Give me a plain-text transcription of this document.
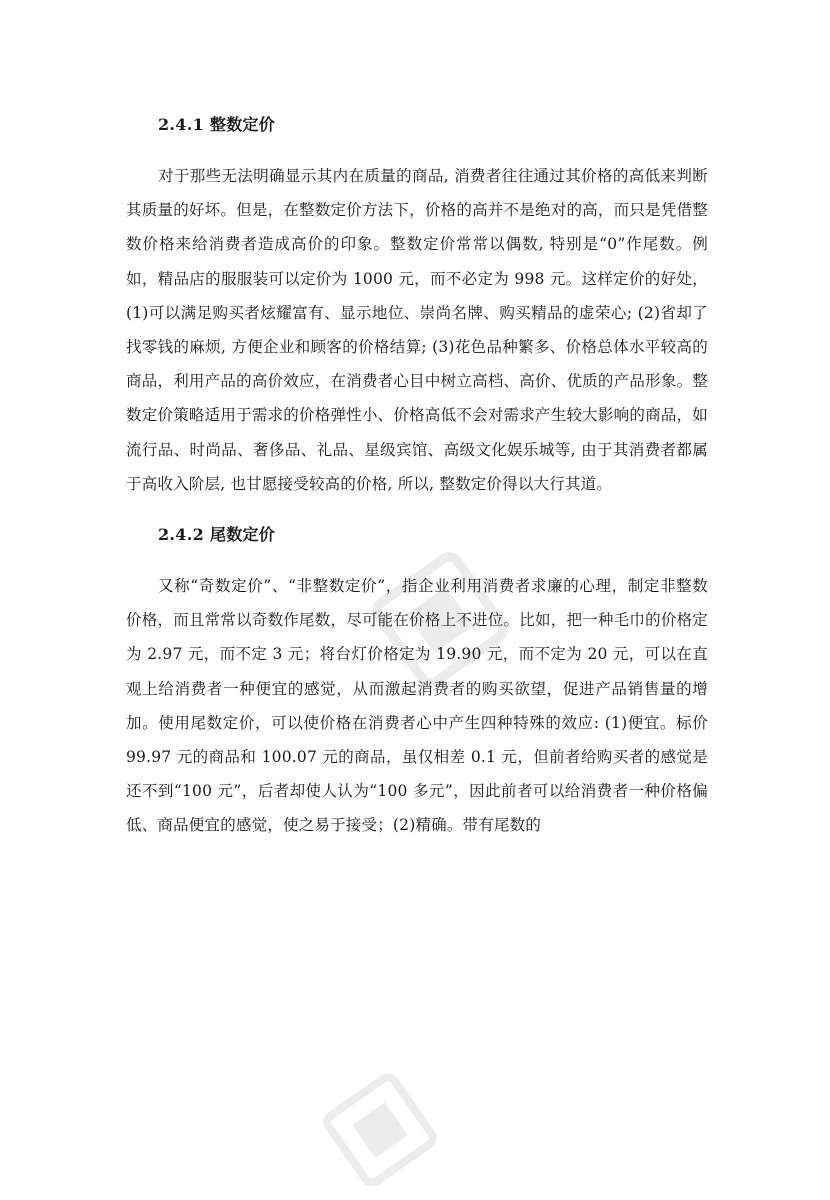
2.4.1 整数定价

对于那些无法明确显示其内在质量的商品, 消费者往往通过其价格的高低来判断其质量的好坏。但是，在整数定价方法下，价格的高并不是绝对的高，而只是凭借整数价格来给消费者造成高价的印象。整数定价常常以偶数, 特别是“0”作尾数。例如，精品店的服服装可以定价为 1000 元，而不必定为 998 元。这样定价的好处，(1)可以满足购买者炫耀富有、显示地位、崇尚名牌、购买精品的虚荣心; (2)省却了找零钱的麻烦, 方便企业和顾客的价格结算; (3)花色品种繁多、价格总体水平较高的商品，利用产品的高价效应，在消费者心目中树立高档、高价、优质的产品形象。整数定价策略适用于需求的价格弹性小、价格高低不会对需求产生较大影响的商品，如流行品、时尚品、奢侈品、礼品、星级宾馆、高级文化娱乐城等, 由于其消费者都属于高收入阶层, 也甘愿接受较高的价格, 所以, 整数定价得以大行其道。

2.4.2 尾数定价

又称“奇数定价”、“非整数定价”，指企业利用消费者求廉的心理，制定非整数价格，而且常常以奇数作尾数，尽可能在价格上不进位。比如，把一种毛巾的价格定为 2.97 元，而不定 3 元；将台灯价格定为 19.90 元，而不定为 20 元，可以在直观上给消费者一种便宜的感觉，从而激起消费者的购买欲望，促进产品销售量的增加。使用尾数定价，可以使价格在消费者心中产生四种特殊的效应: (1)便宜。标价 99.97 元的商品和 100.07 元的商品，虽仅相差 0.1 元，但前者给购买者的感觉是还不到“100 元”，后者却使人认为“100 多元”，因此前者可以给消费者一种价格偏低、商品便宜的感觉，使之易于接受；(2)精确。带有尾数的
